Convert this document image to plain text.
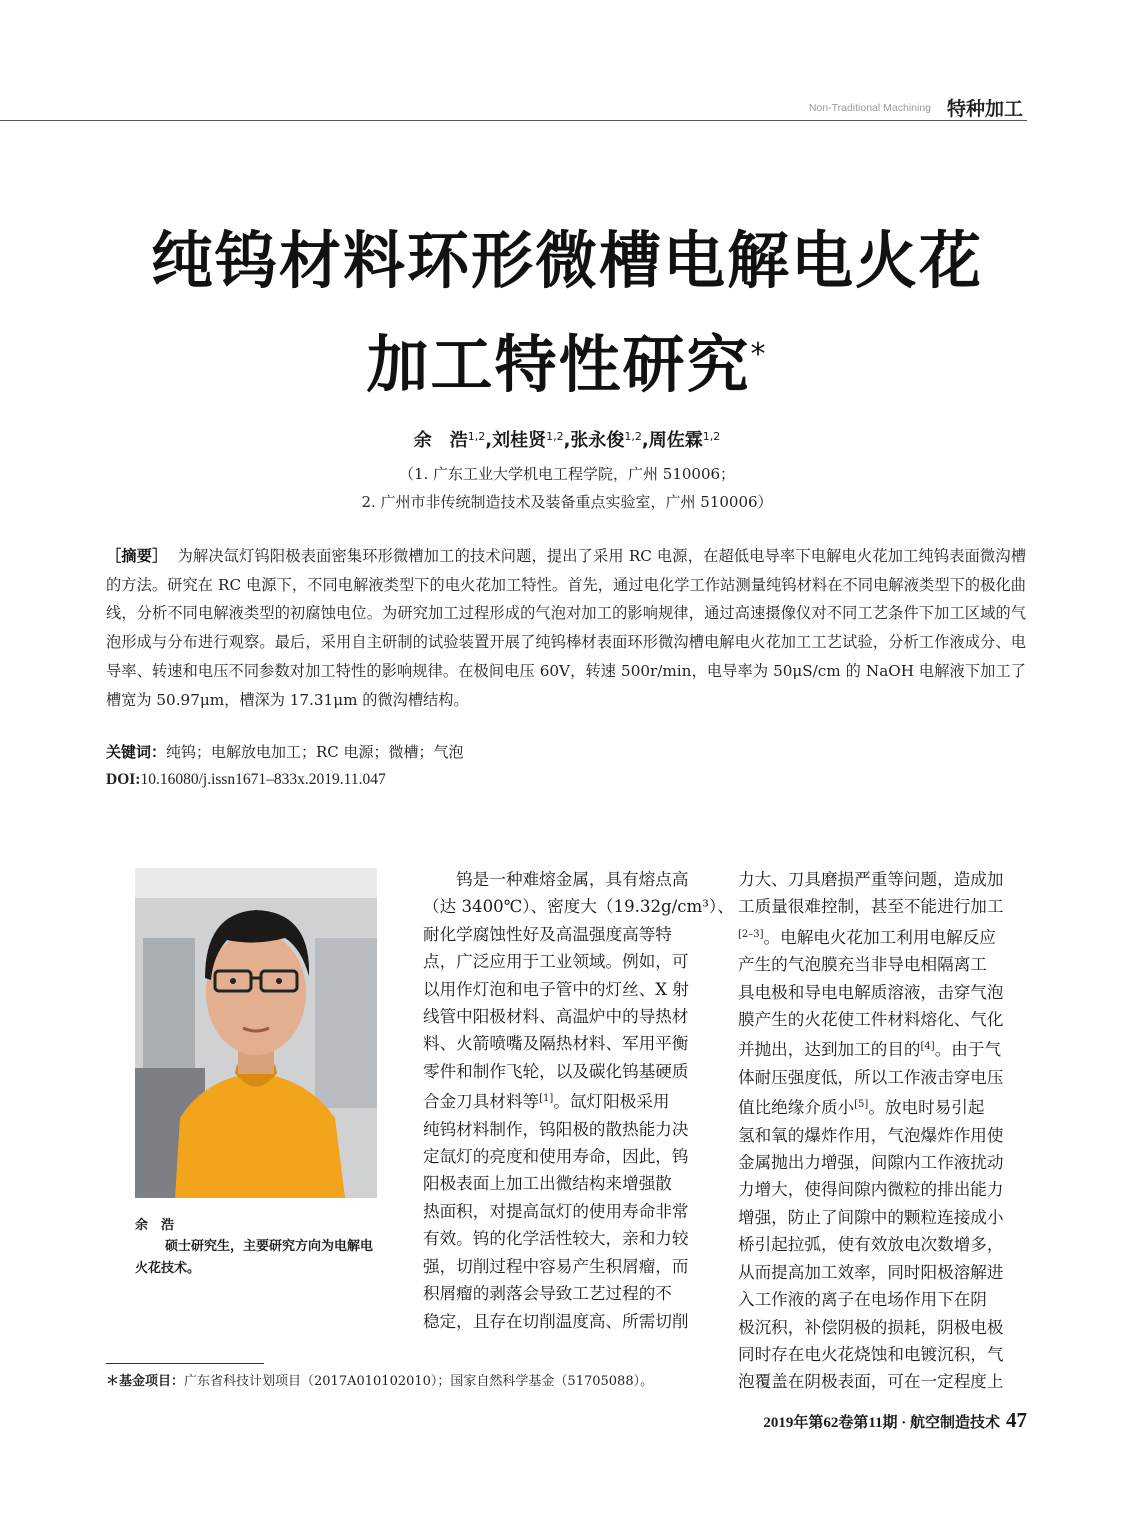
Non-Traditional Machining 特种加工
纯钨材料环形微槽电解电火花
加工特性研究*
余　浩$^{1,2}$,刘桂贤$^{1,2}$,张永俊$^{1,2}$,周佐霖$^{1,2}$
（1. 广东工业大学机电工程学院，广州 510006；
2. 广州市非传统制造技术及装备重点实验室，广州 510006）
［摘要］ 为解决氙灯钨阳极表面密集环形微槽加工的技术问题，提出了采用 RC 电源，在超低电导率下电解电火花加工纯钨表面微沟槽的方法。研究在 RC 电源下，不同电解液类型下的电火花加工特性。首先，通过电化学工作站测量纯钨材料在不同电解液类型下的极化曲线，分析不同电解液类型的初腐蚀电位。为研究加工过程形成的气泡对加工的影响规律，通过高速摄像仪对不同工艺条件下加工区域的气泡形成与分布进行观察。最后，采用自主研制的试验装置开展了纯钨棒材表面环形微沟槽电解电火花加工工艺试验，分析工作液成分、电导率、转速和电压不同参数对加工特性的影响规律。在极间电压 60V，转速 500r/min，电导率为 50μS/cm 的 NaOH 电解液下加工了槽宽为 50.97μm，槽深为 17.31μm 的微沟槽结构。
关键词：纯钨；电解放电加工；RC 电源；微槽；气泡
DOI:10.16080/j.issn1671–833x.2019.11.047
余　浩
硕士研究生，主要研究方向为电解电火花技术。
　　钨是一种难熔金属，具有熔点高
（达 3400℃）、密度大（19.32g/cm³）、
耐化学腐蚀性好及高温强度高等特
点，广泛应用于工业领域。例如，可
以用作灯泡和电子管中的灯丝、X 射
线管中阳极材料、高温炉中的导热材
料、火箭喷嘴及隔热材料、军用平衡
零件和制作飞轮，以及碳化钨基硬质
合金刀具材料等[1]。氙灯阳极采用
纯钨材料制作，钨阳极的散热能力决
定氙灯的亮度和使用寿命，因此，钨
阳极表面上加工出微结构来增强散
热面积，对提高氙灯的使用寿命非常
有效。钨的化学活性较大，亲和力较
强，切削过程中容易产生积屑瘤，而
积屑瘤的剥落会导致工艺过程的不
稳定，且存在切削温度高、所需切削
力大、刀具磨损严重等问题，造成加
工质量很难控制，甚至不能进行加工
[2–3]。电解电火花加工利用电解反应
产生的气泡膜充当非导电相隔离工
具电极和导电电解质溶液，击穿气泡
膜产生的火花使工件材料熔化、气化
并抛出，达到加工的目的[4]。由于气
体耐压强度低，所以工作液击穿电压
值比绝缘介质小[5]。放电时易引起
氢和氧的爆炸作用，气泡爆炸作用使
金属抛出力增强，间隙内工作液扰动
力增大，使得间隙内微粒的排出能力
增强，防止了间隙中的颗粒连接成小
桥引起拉弧，使有效放电次数增多，
从而提高加工效率，同时阳极溶解进
入工作液的离子在电场作用下在阴
极沉积，补偿阴极的损耗，阴极电极
同时存在电火花烧蚀和电镀沉积，气
泡覆盖在阴极表面，可在一定程度上
＊基金项目：广东省科技计划项目（2017A010102010）；国家自然科学基金（51705088）。
2019年第62卷第11期 · 航空制造技术 47
